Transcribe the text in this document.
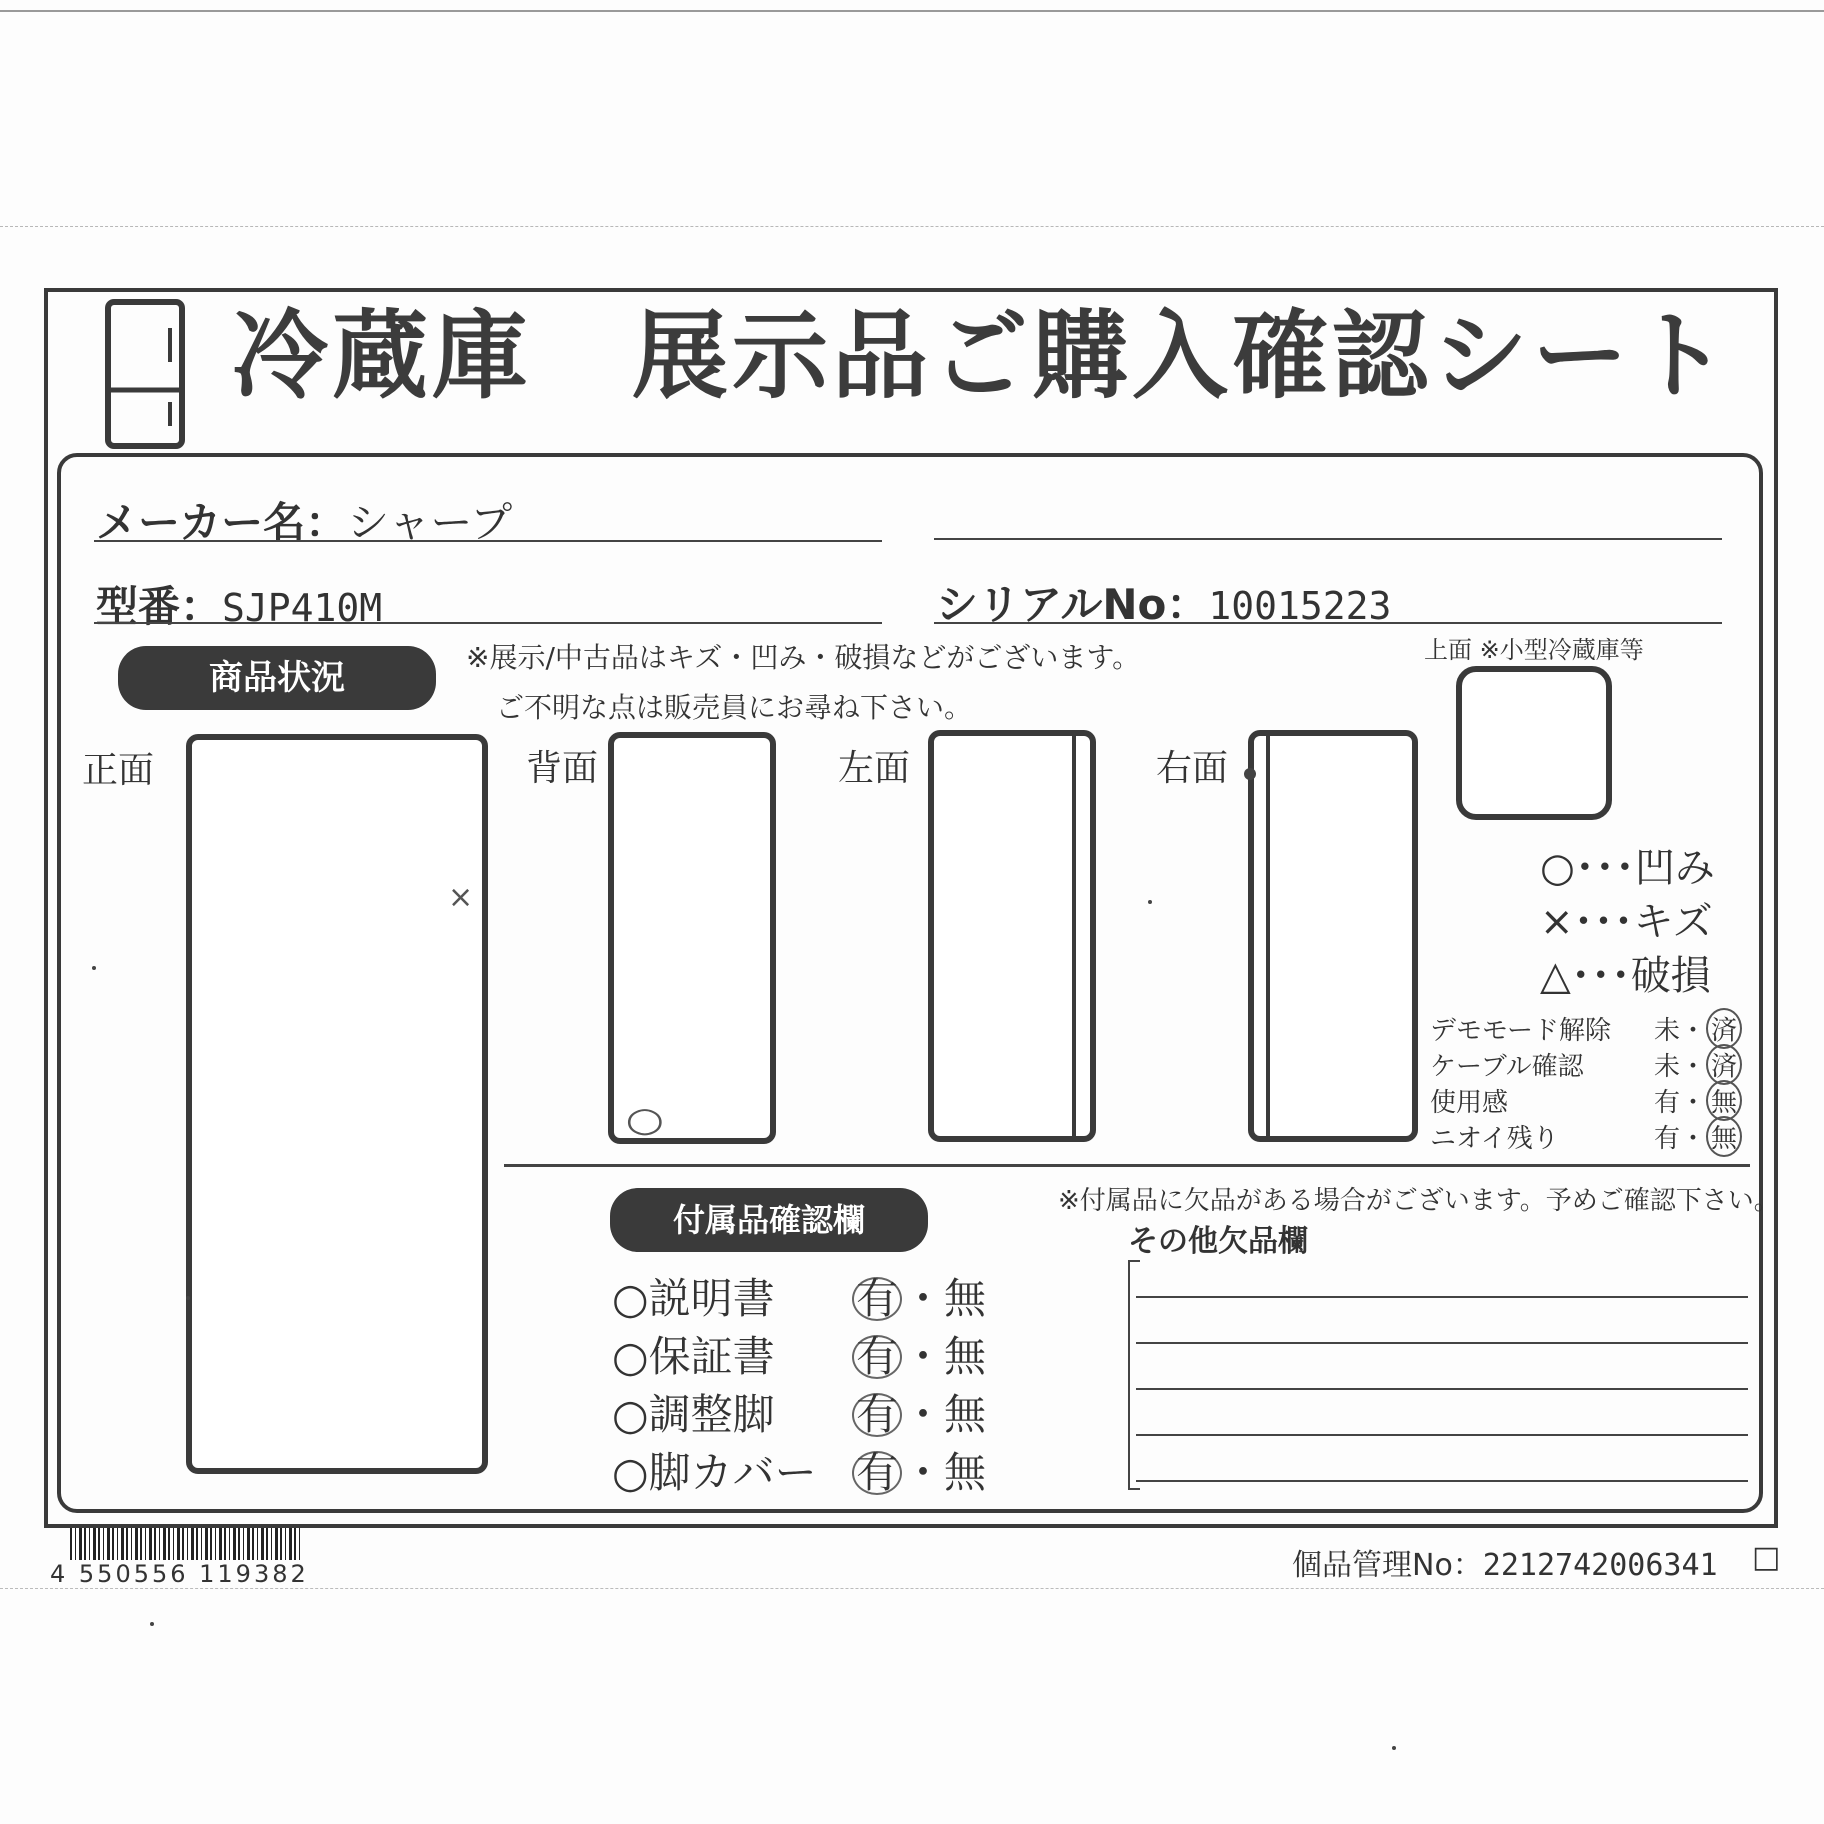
冷蔵庫　展示品ご購入確認シート
メーカー名：シャープ
型番：SJP410M	シリアルNo：10015223
商品状況
※展示/中古品はキズ・凹み・破損などがございます。
ご不明な点は販売員にお尋ね下さい。
正面	背面	左面	右面
上面 ※小型冷蔵庫等
×
○
○･･･凹み
×･･･キズ
△･･･破損
デモモード解除 未・ 済
ケーブル確認	未・ 済
使用感	有・ 無
ニオイ残り	有・ 無
付属品確認欄	※付属品に欠品がある場合がございます。予めご確認下さい。
○説明書 有・無
○保証書 有・無
○調整脚 有・無
○脚カバー 有・無
その他欠品欄
4 550556 119382	個品管理No：2212742006341 □
